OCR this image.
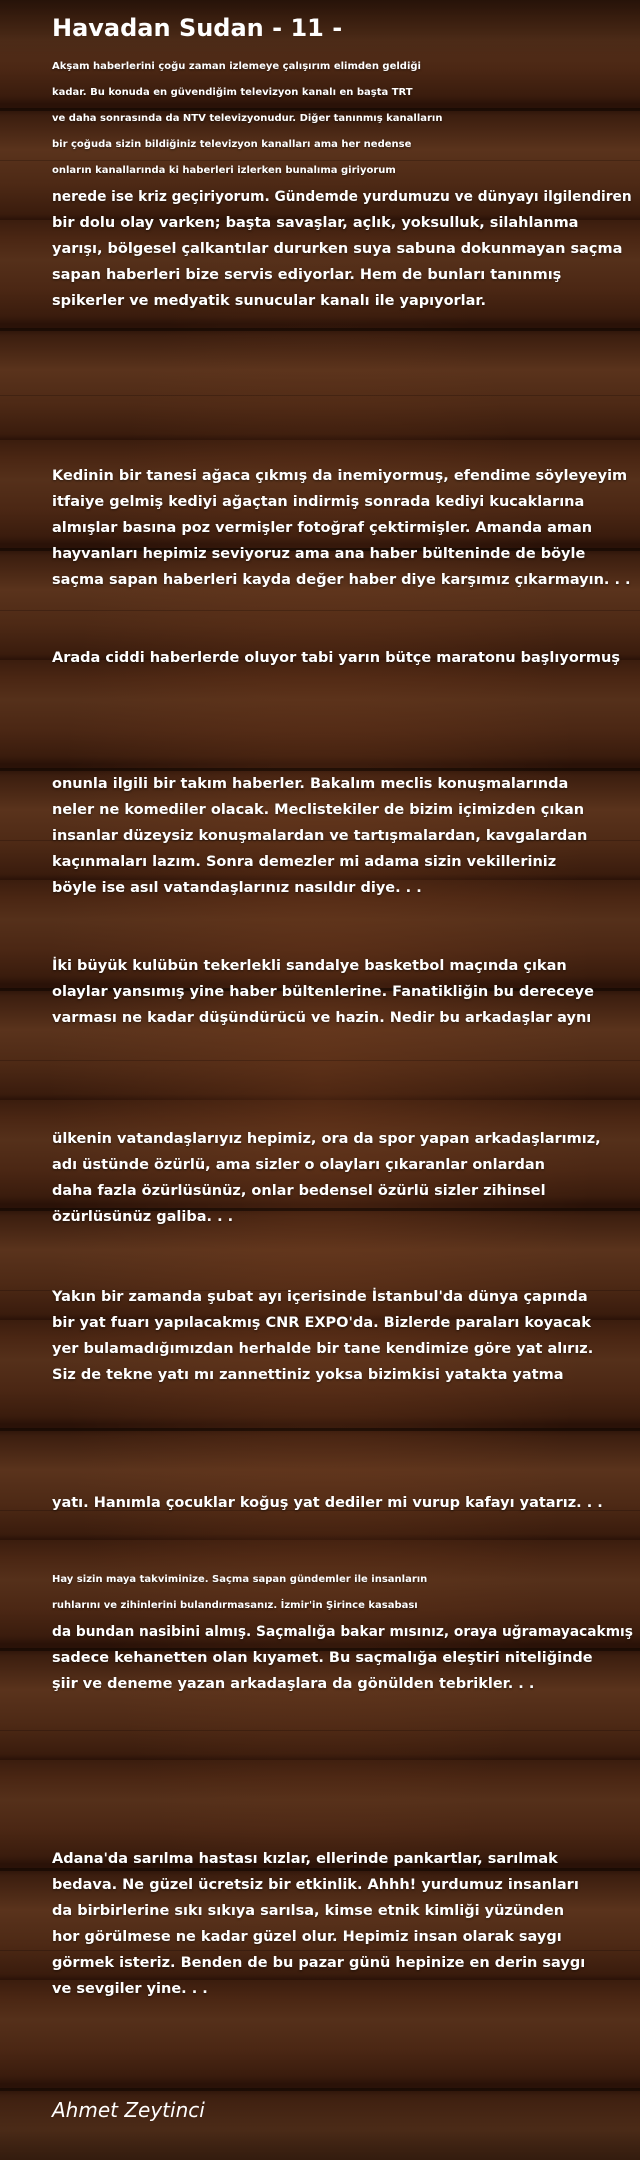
Havadan Sudan - 11 -

Akşam haberlerini çoğu zaman izlemeye çalışırım elimden geldiği
kadar. Bu konuda en güvendiğim televizyon kanalı en başta TRT
ve daha sonrasında da NTV televizyonudur. Diğer tanınmış kanalların
bir çoğuda sizin bildiğiniz televizyon kanalları ama her nedense
onların kanallarında ki haberleri izlerken bunalıma giriyorum
nerede ise kriz geçiriyorum. Gündemde yurdumuzu ve dünyayı ilgilendiren
bir dolu olay varken; başta savaşlar, açlık, yoksulluk, silahlanma
yarışı, bölgesel çalkantılar dururken suya sabuna dokunmayan saçma
sapan haberleri bize servis ediyorlar. Hem de bunları tanınmış
spikerler ve medyatik sunucular kanalı ile yapıyorlar.

Kedinin bir tanesi ağaca çıkmış da inemiyormuş, efendime söyleyeyim
itfaiye gelmiş kediyi ağaçtan indirmiş sonrada kediyi kucaklarına
almışlar basına poz vermişler fotoğraf çektirmişler. Amanda aman
hayvanları hepimiz seviyoruz ama ana haber bülteninde de böyle
saçma sapan haberleri kayda değer haber diye karşımız çıkarmayın. . .

Arada ciddi haberlerde oluyor tabi yarın bütçe maratonu başlıyormuş

onunla ilgili bir takım haberler. Bakalım meclis konuşmalarında
neler ne komediler olacak. Meclistekiler de bizim içimizden çıkan
insanlar düzeysiz konuşmalardan ve tartışmalardan, kavgalardan
kaçınmaları lazım. Sonra demezler mi adama sizin vekilleriniz
böyle ise asıl vatandaşlarınız nasıldır diye. . .

İki büyük kulübün tekerlekli sandalye basketbol maçında çıkan
olaylar yansımış yine haber bültenlerine. Fanatikliğin bu dereceye
varması ne kadar düşündürücü ve hazin. Nedir bu arkadaşlar aynı

ülkenin vatandaşlarıyız hepimiz, ora da spor yapan arkadaşlarımız,
adı üstünde özürlü, ama sizler o olayları çıkaranlar onlardan
daha fazla özürlüsünüz, onlar bedensel özürlü sizler zihinsel
özürlüsünüz galiba. . .

Yakın bir zamanda şubat ayı içerisinde İstanbul'da dünya çapında
bir yat fuarı yapılacakmış CNR EXPO'da. Bizlerde paraları koyacak
yer bulamadığımızdan herhalde bir tane kendimize göre yat alırız.
Siz de tekne yatı mı zannettiniz yoksa bizimkisi yatakta yatma

yatı. Hanımla çocuklar koğuş yat dediler mi vurup kafayı yatarız. . .

Hay sizin maya takviminize. Saçma sapan gündemler ile insanların
ruhlarını ve zihinlerini bulandırmasanız. İzmir'in Şirince kasabası
da bundan nasibini almış. Saçmalığa bakar mısınız, oraya uğramayacakmış
sadece kehanetten olan kıyamet. Bu saçmalığa eleştiri niteliğinde
şiir ve deneme yazan arkadaşlara da gönülden tebrikler. . .

Adana'da sarılma hastası kızlar, ellerinde pankartlar, sarılmak
bedava. Ne güzel ücretsiz bir etkinlik. Ahhh! yurdumuz insanları
da birbirlerine sıkı sıkıya sarılsa, kimse etnik kimliği yüzünden
hor görülmese ne kadar güzel olur. Hepimiz insan olarak saygı
görmek isteriz. Benden de bu pazar günü hepinize en derin saygı
ve sevgiler yine. . .

Ahmet Zeytinci
